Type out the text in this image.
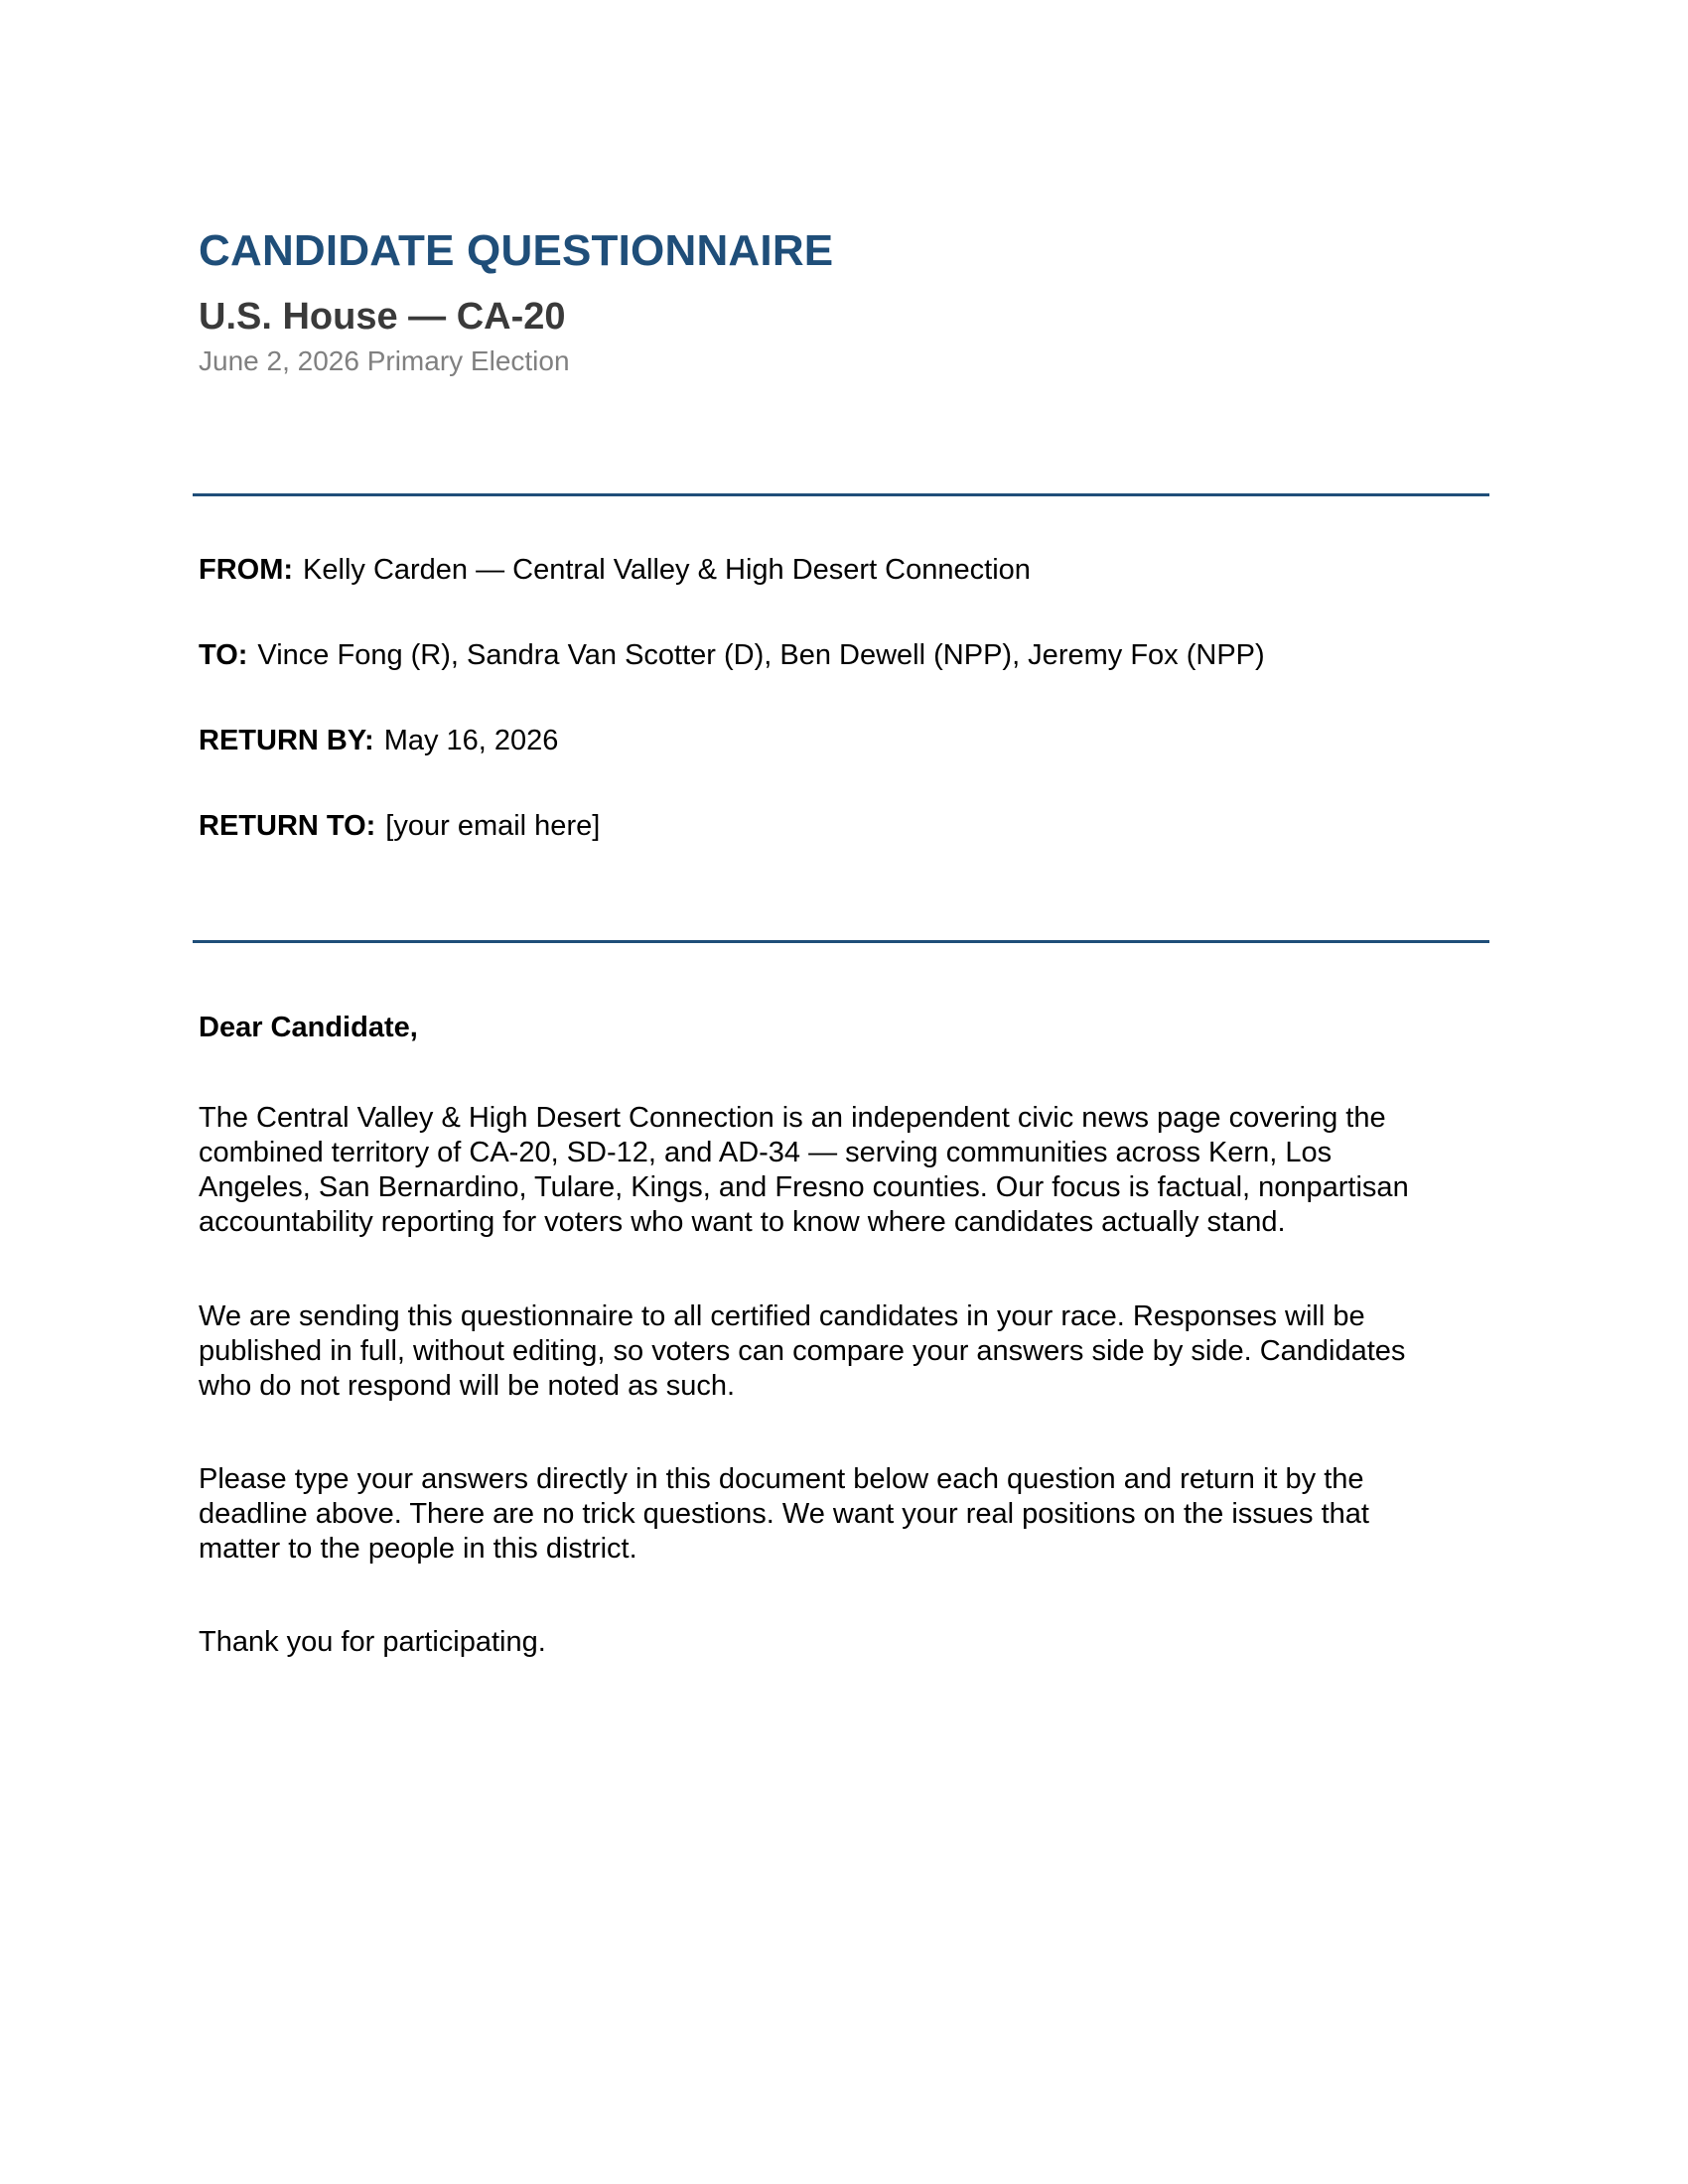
CANDIDATE QUESTIONNAIRE
U.S. House — CA-20
June 2, 2026 Primary Election
FROM: Kelly Carden — Central Valley & High Desert Connection
TO: Vince Fong (R), Sandra Van Scotter (D), Ben Dewell (NPP), Jeremy Fox (NPP)
RETURN BY: May 16, 2026
RETURN TO: [your email here]
Dear Candidate,
The Central Valley & High Desert Connection is an independent civic news page covering the
combined territory of CA-20, SD-12, and AD-34 — serving communities across Kern, Los
Angeles, San Bernardino, Tulare, Kings, and Fresno counties. Our focus is factual, nonpartisan
accountability reporting for voters who want to know where candidates actually stand.
We are sending this questionnaire to all certified candidates in your race. Responses will be
published in full, without editing, so voters can compare your answers side by side. Candidates
who do not respond will be noted as such.
Please type your answers directly in this document below each question and return it by the
deadline above. There are no trick questions. We want your real positions on the issues that
matter to the people in this district.
Thank you for participating.
